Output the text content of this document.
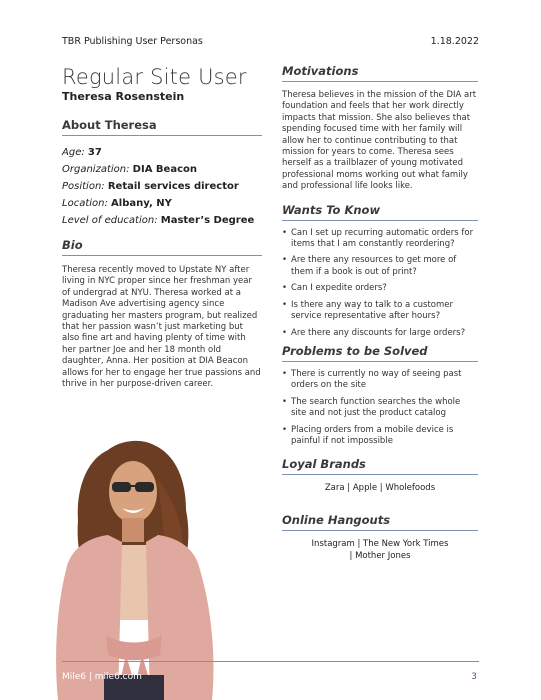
TBR Publishing User Personas	1.18.2022
Regular Site User
Theresa Rosenstein
About Theresa
Age: 37
Organization: DIA Beacon
Position: Retail services director
Location: Albany, NY
Level of education: Master’s Degree
Bio
Theresa recently moved to Upstate NY after living in NYC proper since her freshman year of undergrad at NYU. Theresa worked at a Madison Ave advertising agency since graduating her masters program, but realized that her passion wasn’t just marketing but also fine art and having plenty of time with her partner Joe and her 18 month old daughter, Anna. Her position at DIA Beacon allows for her to engage her true passions and thrive in her purpose-driven career.
Motivations
Theresa believes in the mission of the DIA art foundation and feels that her work directly impacts that mission. She also believes that spending focused time with her family will allow her to continue contributing to that mission for years to come. Theresa sees herself as a trailblazer of young motivated professional moms working out what family and professional life looks like.
Wants To Know
• Can I set up recurring automatic orders for items that I am constantly reordering?
• Are there any resources to get more of them if a book is out of print?
• Can I expedite orders?
• Is there any way to talk to a customer service representative after hours?
• Are there any discounts for large orders?
Problems to be Solved
• There is currently no way of seeing past orders on the site
• The search function searches the whole site and not just the product catalog
• Placing orders from a mobile device is painful if not impossible
Loyal Brands
Zara | Apple | Wholefoods
Online Hangouts
Instagram | The New York Times
| Mother Jones
Mile6 | mile6.com	3
